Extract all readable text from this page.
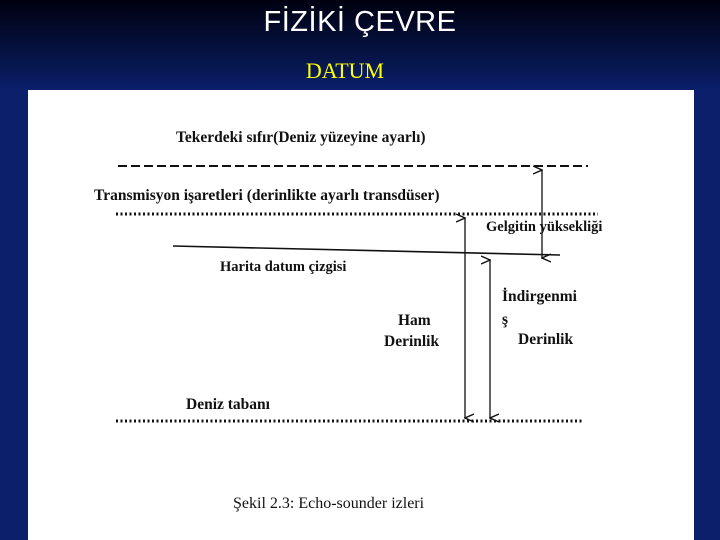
FİZİKİ ÇEVRE
DATUM
Tekerdeki sıfır(Deniz yüzeyine ayarlı)
Transmisyon işaretleri (derinlikte ayarlı transdüser)
Gelgitin yüksekliği
Harita datum çizgisi
İndirgenmi
ş
Derinlik
Ham
Derinlik
Deniz tabanı
Şekil 2.3: Echo-sounder izleri
